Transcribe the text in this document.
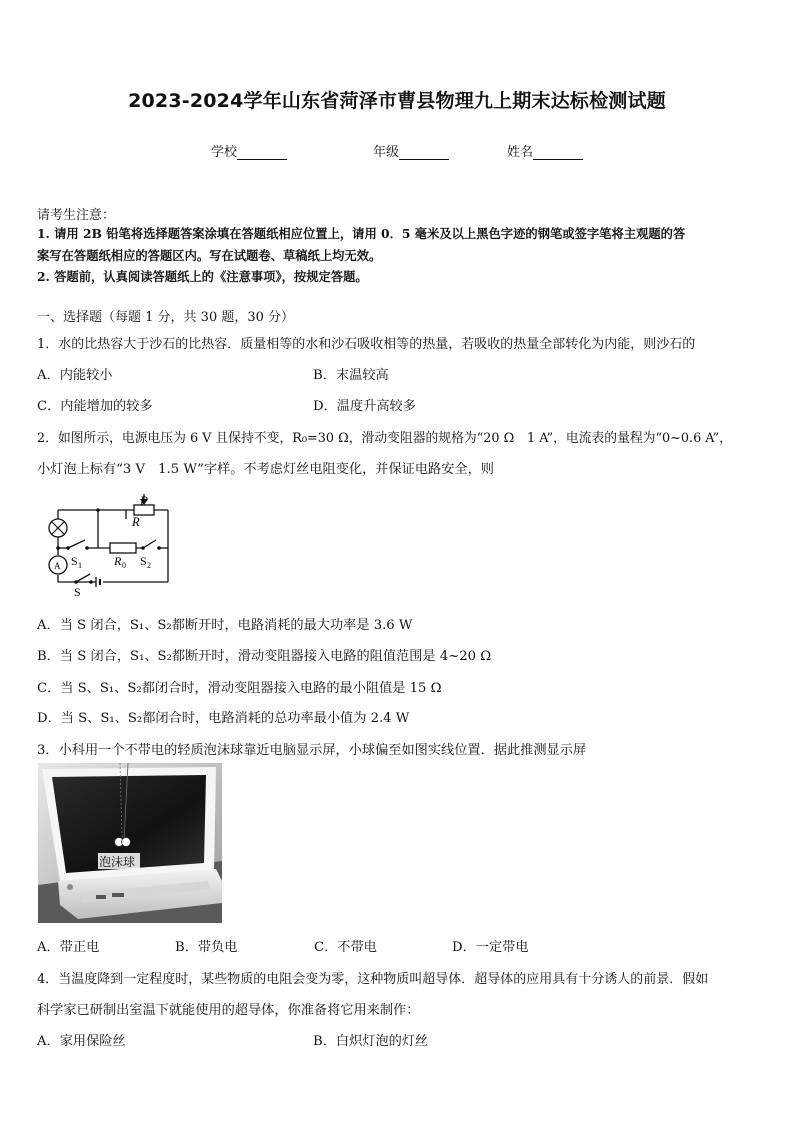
2023-2024学年山东省菏泽市曹县物理九上期末达标检测试题
学校	年级	姓名
请考生注意：
1. 请用 2B 铅笔将选择题答案涂填在答题纸相应位置上，请用 0．5 毫米及以上黑色字迹的钢笔或签字笔将主观题的答
案写在答题纸相应的答题区内。写在试题卷、草稿纸上均无效。
2. 答题前，认真阅读答题纸上的《注意事项》，按规定答题。
一、选择题（每题 1 分，共 30 题，30 分）
1．水的比热容大于沙石的比热容．质量相等的水和沙石吸收相等的热量，若吸收的热量全部转化为内能，则沙石的
A．内能较小	B．末温较高
C．内能增加的较多	D．温度升高较多
2．如图所示，电源电压为 6 V 且保持不变，R₀=30 Ω，滑动变阻器的规格为“20 Ω　1 A”，电流表的量程为“0~0.6 A”，
小灯泡上标有“3 V　1.5 W”字样。不考虑灯丝电阻变化，并保证电路安全，则
P
R
R 0
S 1	S 2
S
A
A．当 S 闭合，S₁、S₂都断开时，电路消耗的最大功率是 3.6 W
B．当 S 闭合，S₁、S₂都断开时，滑动变阻器接入电路的阻值范围是 4~20 Ω
C．当 S、S₁、S₂都闭合时，滑动变阻器接入电路的最小阻值是 15 Ω
D．当 S、S₁、S₂都闭合时，电路消耗的总功率最小值为 2.4 W
3．小科用一个不带电的轻质泡沫球靠近电脑显示屏，小球偏至如图实线位置．据此推测显示屏
泡沫球
A．带正电	B．带负电	C．不带电	D．一定带电
4．当温度降到一定程度时，某些物质的电阻会变为零，这种物质叫超导体．超导体的应用具有十分诱人的前景．假如
科学家已研制出室温下就能使用的超导体，你准备将它用来制作：
A．家用保险丝	B．白炽灯泡的灯丝
